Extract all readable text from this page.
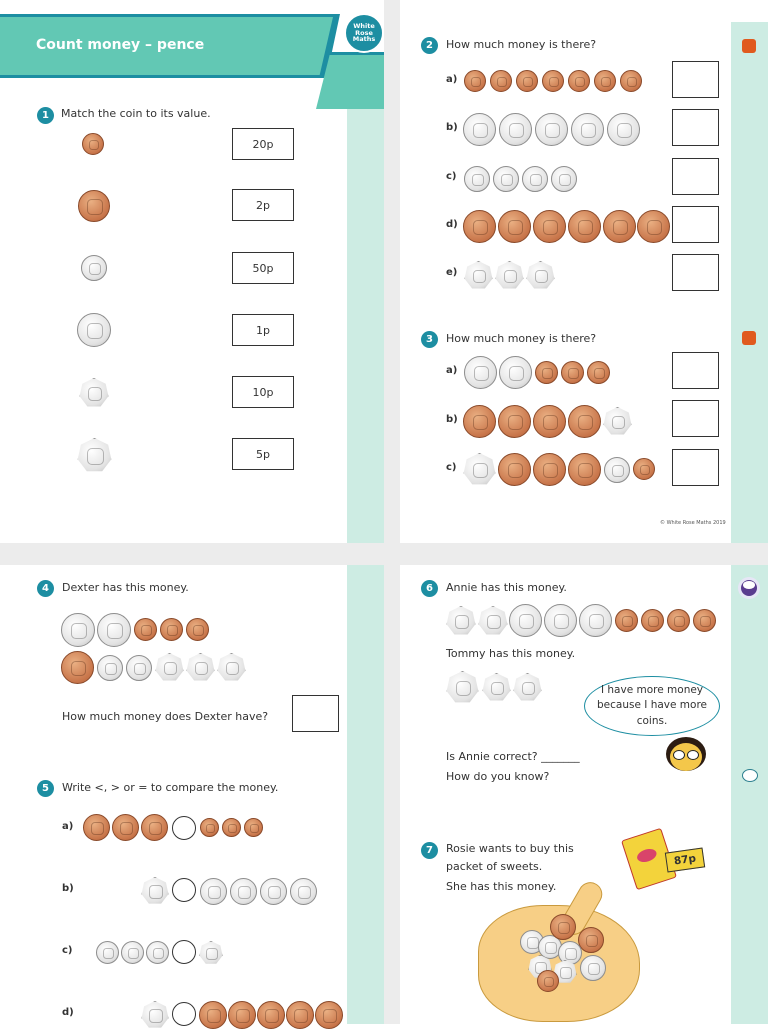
Count money – pence
White Rose Maths
1	Match the coin to its value.
20p
2p
50p
1p
10p
5p
2	How much money is there?
a)
b)
c)
d)
e)
3	How much money is there?
a)
b)
c)
© White Rose Maths 2019
4	Dexter has this money.
How much money does Dexter have?
5	Write <, > or = to compare the money.
a)
b)
c)
d)
6	Annie has this money.
Tommy has this money.
I have more money because I have more coins.
Is Annie correct? _______
How do you know?
7	Rosie wants to buy this
packet of sweets.
She has this money.
87p
